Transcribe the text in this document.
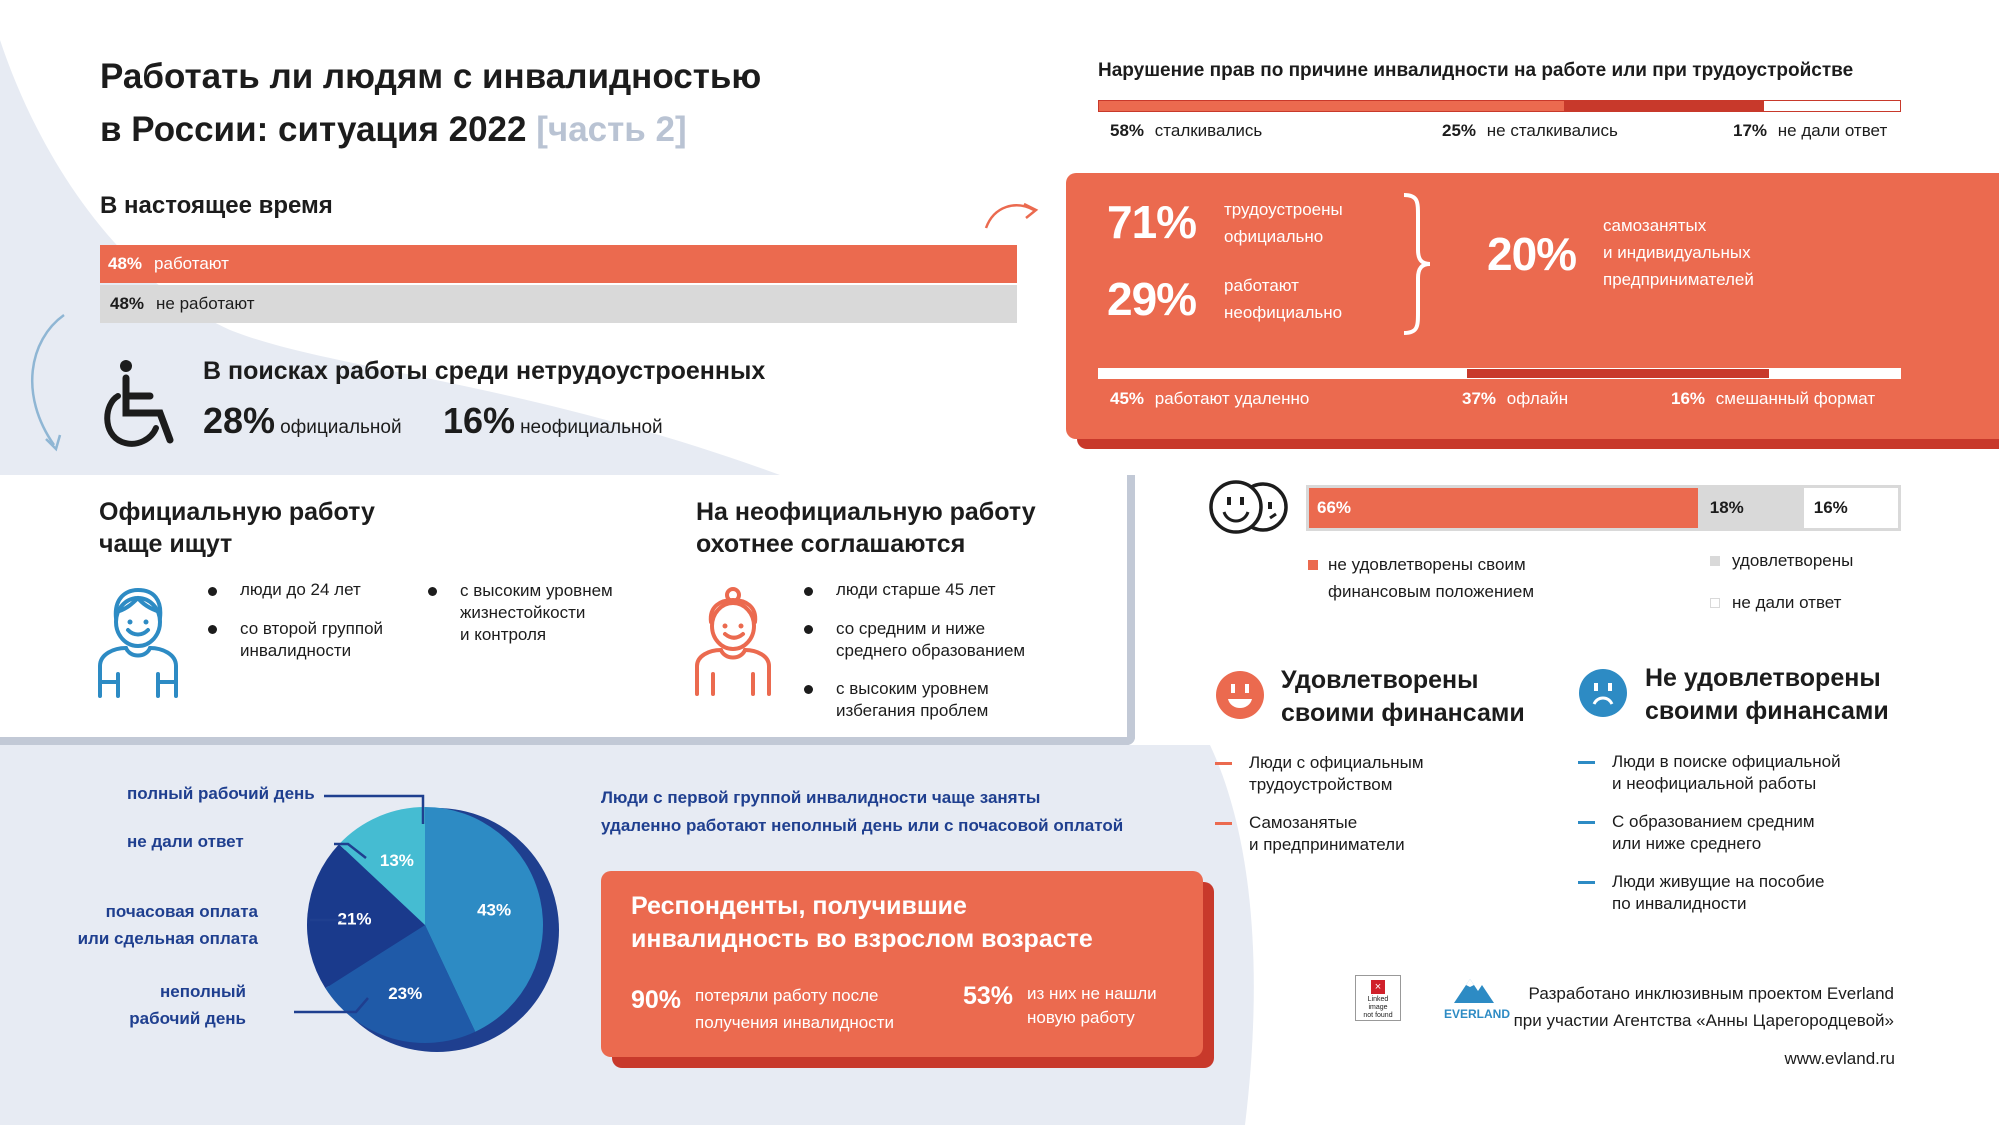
Работать ли людям с инвалидностью
в России: ситуация 2022 [часть 2]
В настоящее время
48% работают
48% не работают
В поисках работы среди нетрудоустроенных
28% официальной 16% неофициальной
Официальную работу
чаще ищут
люди до 24 лет
со второй группой
инвалидности
с высоким уровнем
жизнестойкости
и контроля
На неофициальную работу
охотнее соглашаются
люди старше 45 лет
со средним и ниже
среднего образованием
с высоким уровнем
избегания проблем
полный рабочий день
не дали ответ
почасовая оплата
или сдельная оплата
неполный
рабочий день
43%
23%
21%
13%
Люди с первой группой инвалидности чаще заняты
удаленно работают неполный день или с почасовой оплатой
Респонденты, получившие
инвалидность во взрослом возрасте
90% потеряли работу после
получения инвалидности
53% из них не нашли
новую работу
Нарушение прав по причине инвалидности на работе или при трудоустройстве
58% сталкивались	25% не сталкивались	17% не дали ответ
71% трудоустроены
официально
29% работают
неофициально
20%
самозанятых
и индивидуальных
предпринимателей
45% работают удаленно	37% офлайн	16% смешанный формат
66%	18%	16%
не удовлетворены своим
финансовым положением
удовлетворены
не дали ответ
Удовлетворены
своими финансами
Люди с официальным
трудоустройством
Самозанятые
и предприниматели
Не удовлетворены
своими финансами
Люди в поиске официальной
и неофициальной работы
С образованием средним
или ниже среднего
Люди живущие на пособие
по инвалидности
×
Linked
image
not found	EVERLAND
Разработано инклюзивным проектом Everland
при участии Агентства «Анны Царегородцевой»
www.evland.ru
